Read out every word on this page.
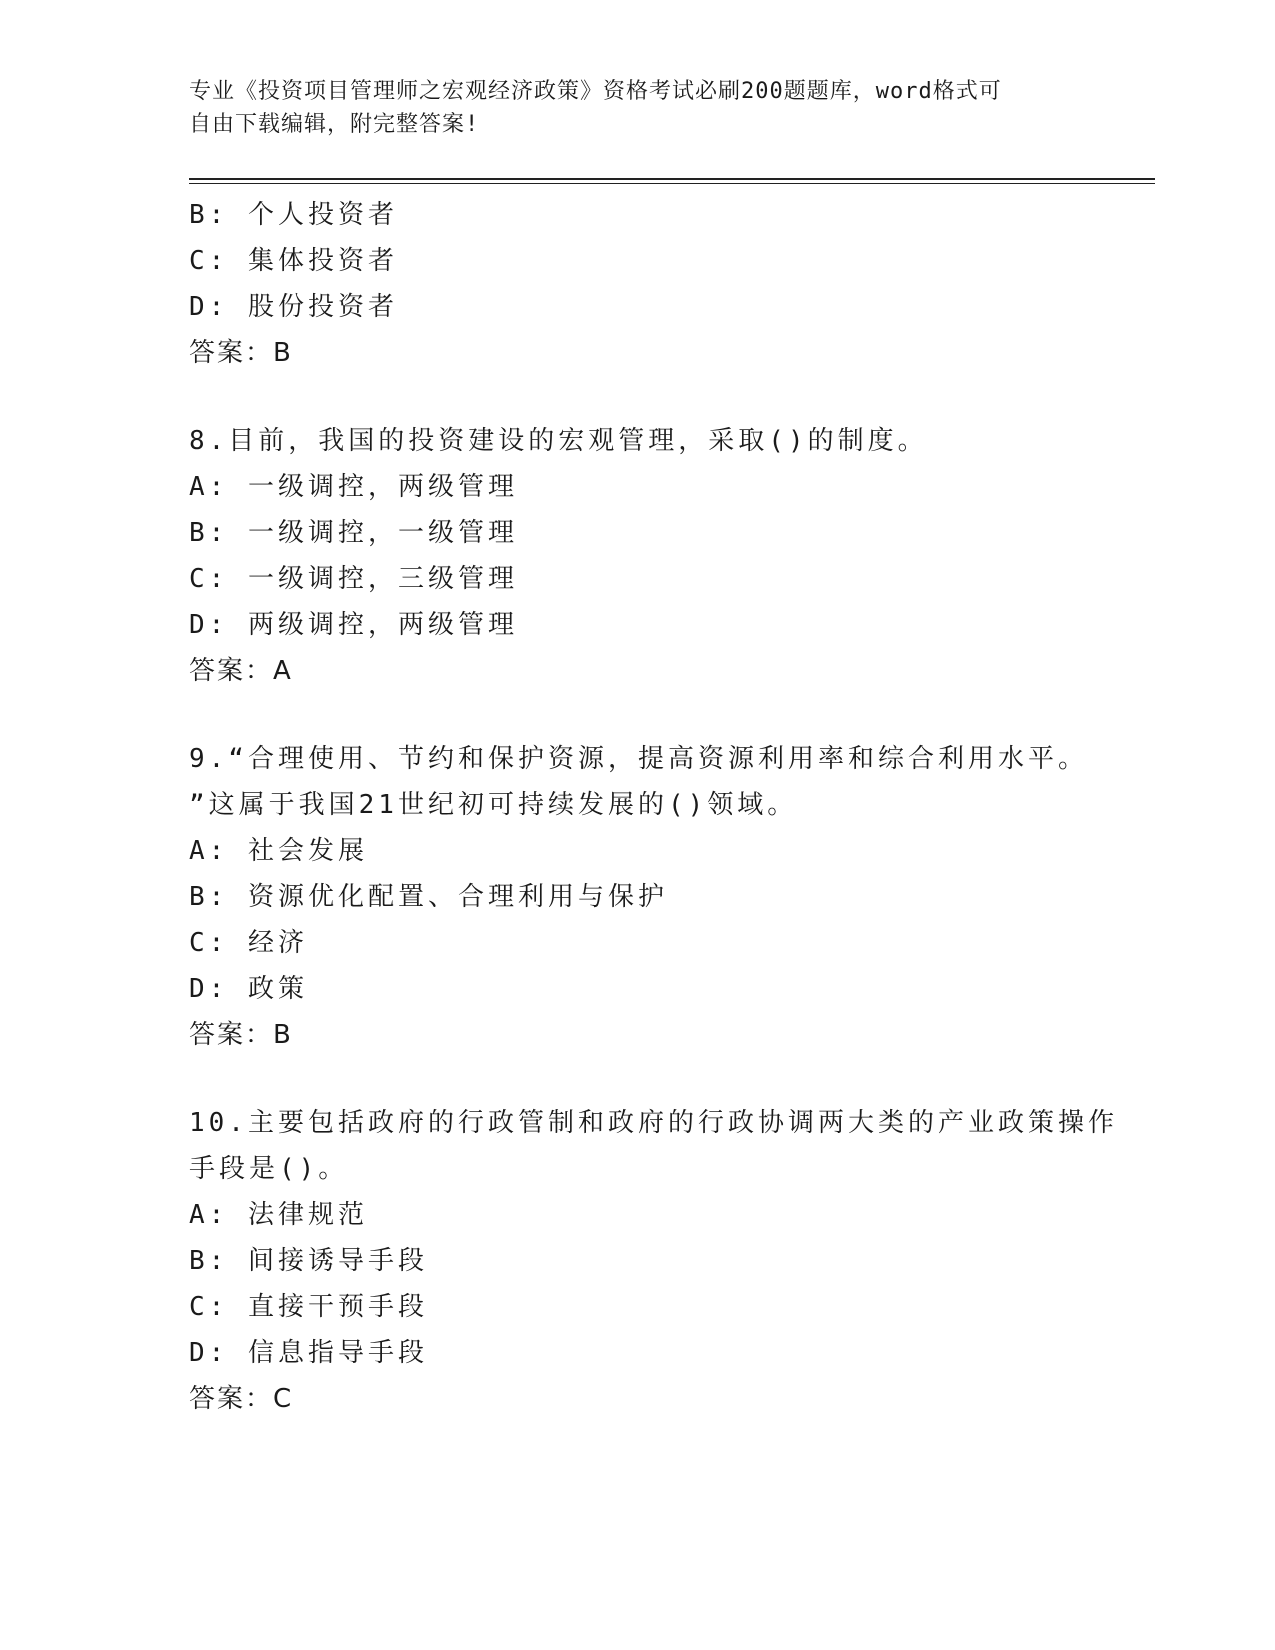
专业《投资项目管理师之宏观经济政策》资格考试必刷200题题库，word格式可
自由下载编辑，附完整答案!
B: 个人投资者
C: 集体投资者
D: 股份投资者
答案：B
8.目前，我国的投资建设的宏观管理，采取()的制度。
A: 一级调控，两级管理
B: 一级调控，一级管理
C: 一级调控，三级管理
D: 两级调控，两级管理
答案：A
9.“合理使用、节约和保护资源，提高资源利用率和综合利用水平。
”这属于我国21世纪初可持续发展的()领域。
A: 社会发展
B: 资源优化配置、合理利用与保护
C: 经济
D: 政策
答案：B
10.主要包括政府的行政管制和政府的行政协调两大类的产业政策操作
手段是()。
A: 法律规范
B: 间接诱导手段
C: 直接干预手段
D: 信息指导手段
答案：C
